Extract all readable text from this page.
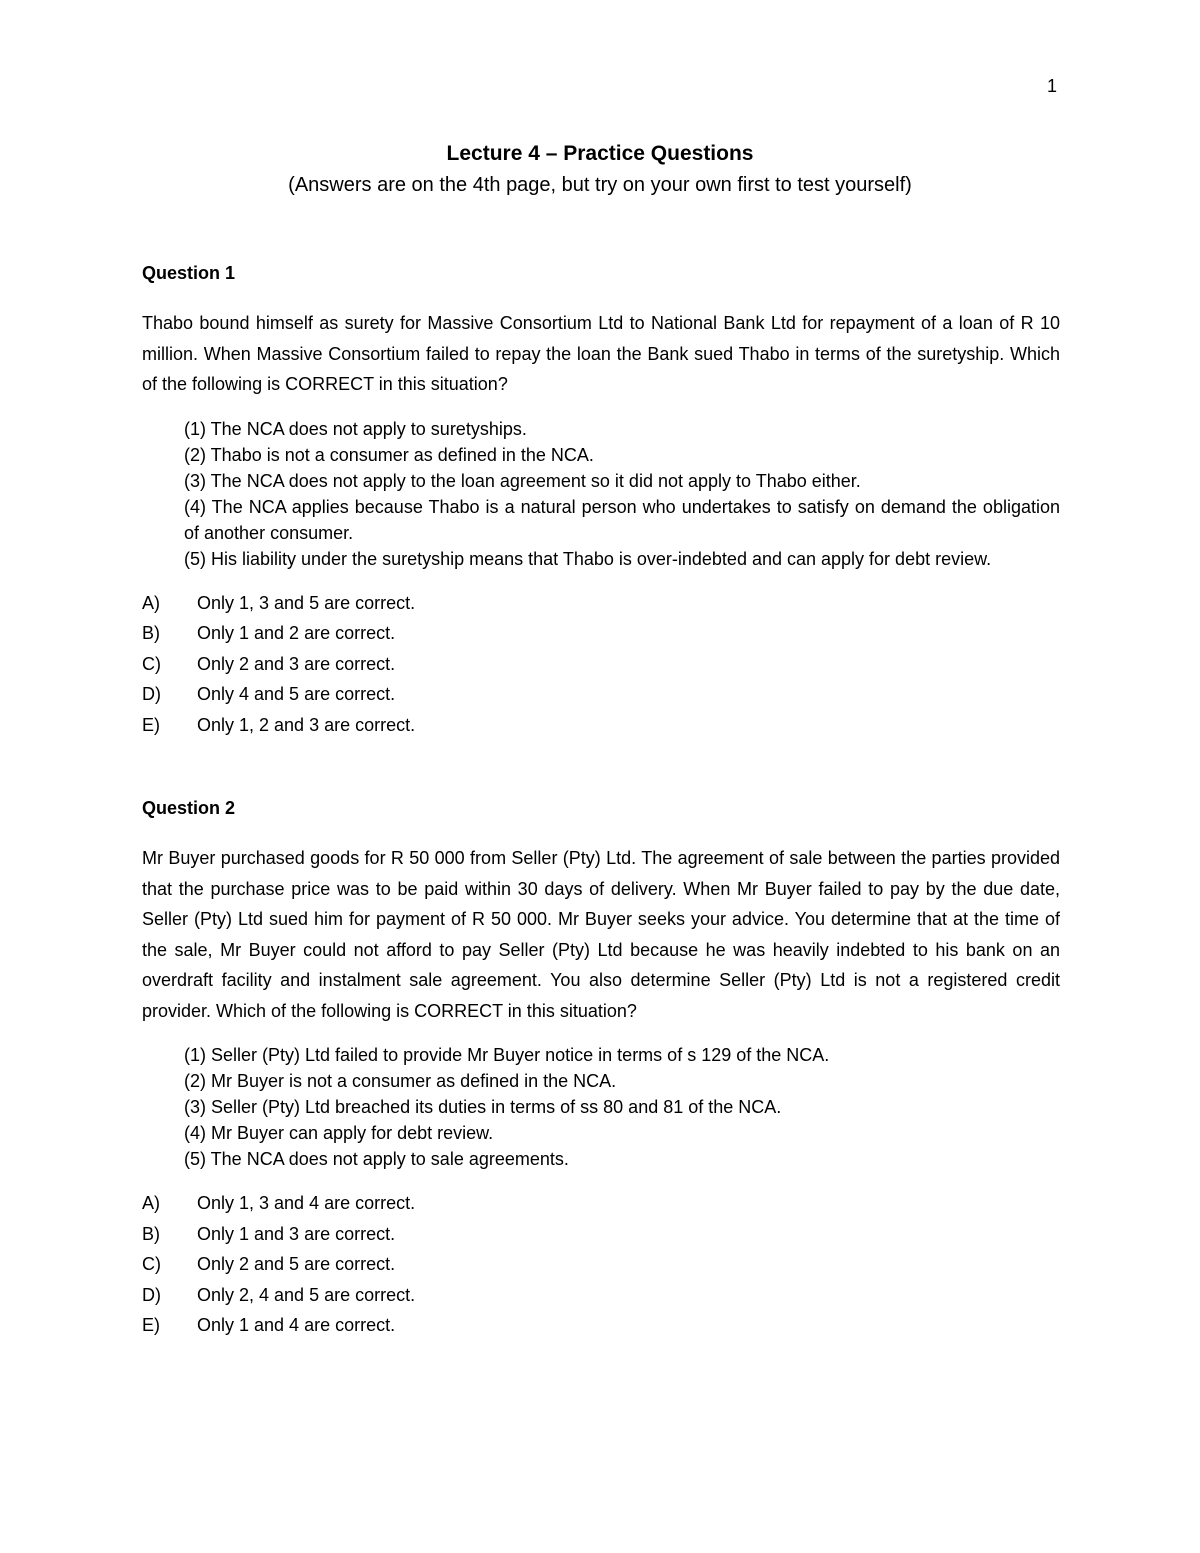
1

Lecture 4 – Practice Questions

(Answers are on the 4th page, but try on your own first to test yourself)

Question 1

Thabo bound himself as surety for Massive Consortium Ltd to National Bank Ltd for repayment of a loan of R 10 million. When Massive Consortium failed to repay the loan the Bank sued Thabo in terms of the suretyship. Which of the following is CORRECT in this situation?

(1) The NCA does not apply to suretyships.
(2) Thabo is not a consumer as defined in the NCA.
(3) The NCA does not apply to the loan agreement so it did not apply to Thabo either.
(4) The NCA applies because Thabo is a natural person who undertakes to satisfy on demand the obligation of another consumer.
(5) His liability under the suretyship means that Thabo is over-indebted and can apply for debt review.
A)	Only 1, 3 and 5 are correct.
B)	Only 1 and 2 are correct.
C)	Only 2 and 3 are correct.
D)	Only 4 and 5 are correct.
E)	Only 1, 2 and 3 are correct.

Question 2

Mr Buyer purchased goods for R 50 000 from Seller (Pty) Ltd. The agreement of sale between the parties provided that the purchase price was to be paid within 30 days of delivery. When Mr Buyer failed to pay by the due date, Seller (Pty) Ltd sued him for payment of R 50 000. Mr Buyer seeks your advice. You determine that at the time of the sale, Mr Buyer could not afford to pay Seller (Pty) Ltd because he was heavily indebted to his bank on an overdraft facility and instalment sale agreement. You also determine Seller (Pty) Ltd is not a registered credit provider. Which of the following is CORRECT in this situation?

(1) Seller (Pty) Ltd failed to provide Mr Buyer notice in terms of s 129 of the NCA.
(2) Mr Buyer is not a consumer as defined in the NCA.
(3) Seller (Pty) Ltd breached its duties in terms of ss 80 and 81 of the NCA.
(4) Mr Buyer can apply for debt review.
(5) The NCA does not apply to sale agreements.
A)	Only 1, 3 and 4 are correct.
B)	Only 1 and 3 are correct.
C)	Only 2 and 5 are correct.
D)	Only 2, 4 and 5 are correct.
E)	Only 1 and 4 are correct.
